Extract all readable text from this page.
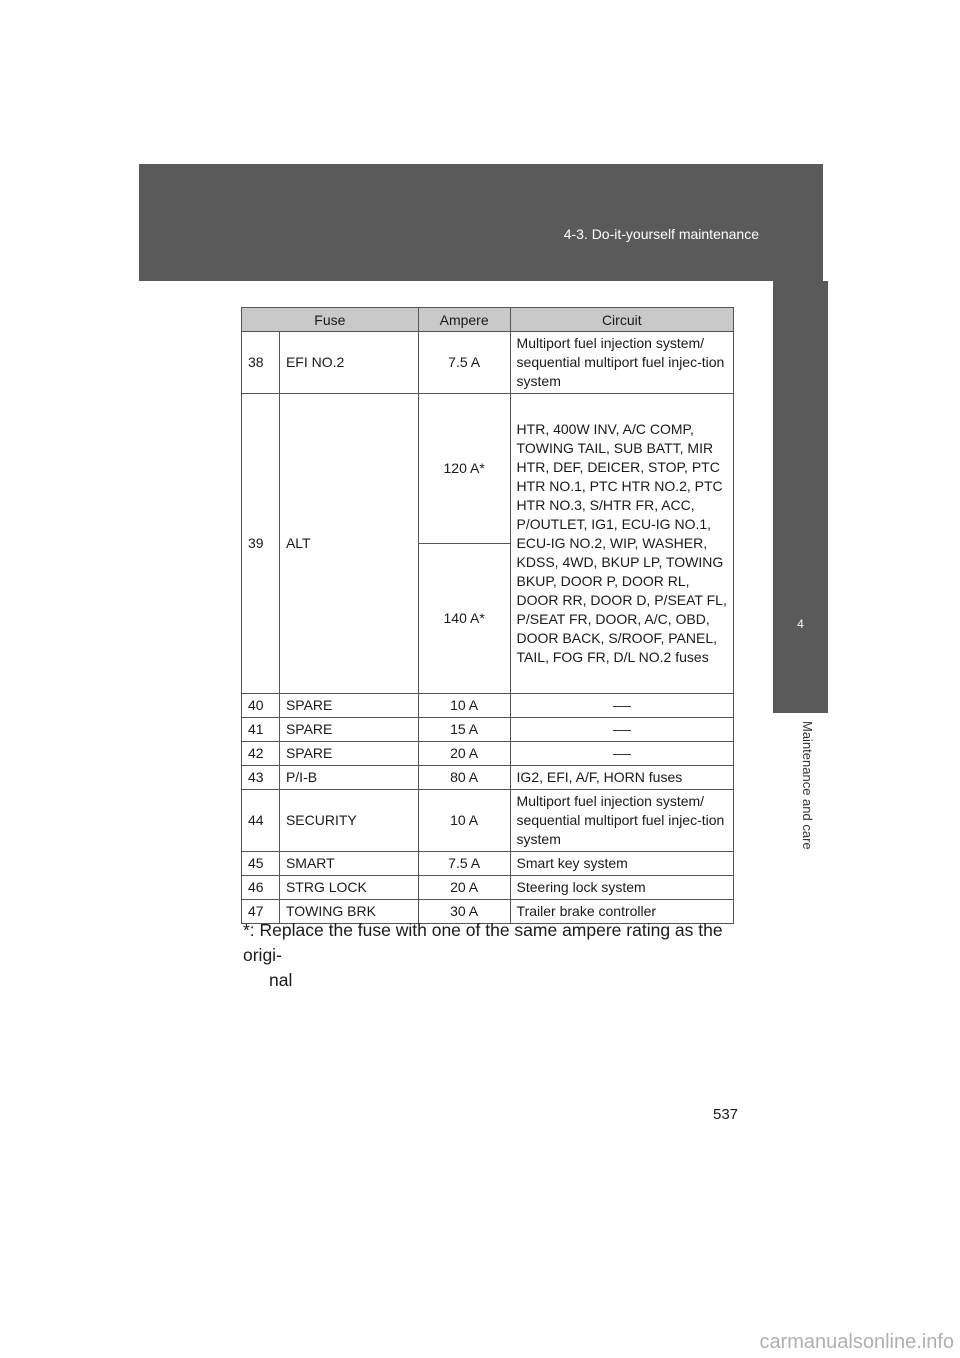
4-3. Do-it-yourself maintenance
4
Maintenance and care
Fuse		Ampere	Circuit
38	EFI NO.2	7.5 A	Multiport fuel injection system/ sequential multiport fuel injec-tion system
39	ALT	120 A*	HTR, 400W INV, A/C COMP, TOWING TAIL, SUB BATT, MIR HTR, DEF, DEICER, STOP, PTC HTR NO.1, PTC HTR NO.2, PTC HTR NO.3, S/HTR FR, ACC, P/OUTLET, IG1, ECU-IG NO.1, ECU-IG NO.2, WIP, WASHER, KDSS, 4WD, BKUP LP, TOWING BKUP, DOOR P, DOOR RL, DOOR RR, DOOR D, P/SEAT FL, P/SEAT FR, DOOR, A/C, OBD, DOOR BACK, S/ROOF, PANEL, TAIL, FOG FR, D/L NO.2 fuses
		140 A*	
40	SPARE	10 A	
41	SPARE	15 A	
42	SPARE	20 A	
43	P/I-B	80 A	IG2, EFI, A/F, HORN fuses
44	SECURITY	10 A	Multiport fuel injection system/ sequential multiport fuel injec-tion system
45	SMART	7.5 A	Smart key system
46	STRG LOCK	20 A	Steering lock system
47	TOWING BRK	30 A	Trailer brake controller
*: Replace the fuse with one of the same ampere rating as the origi-
nal
537
carmanualsonline.info
